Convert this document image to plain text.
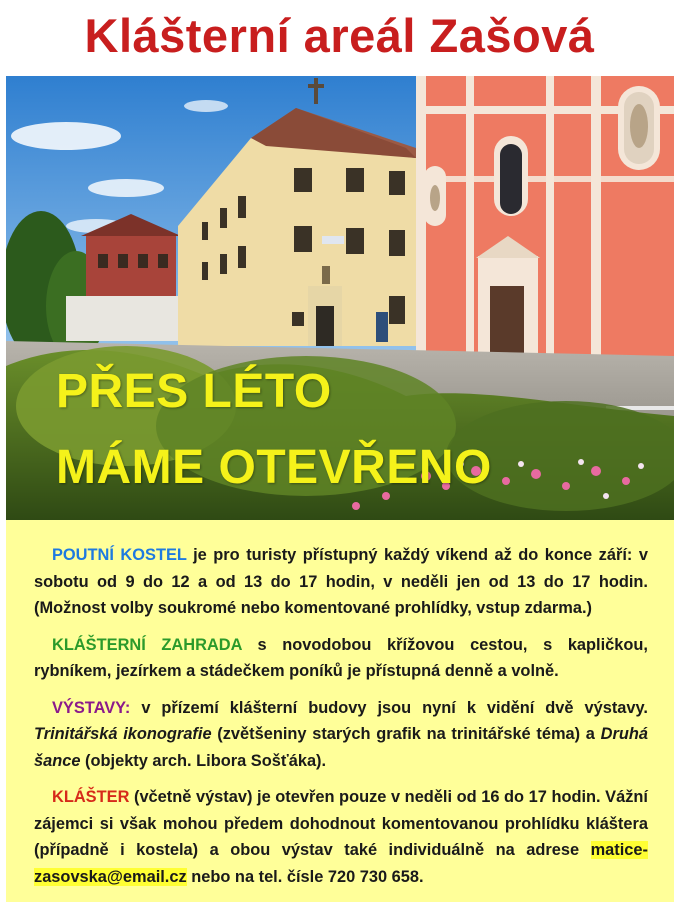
Klášterní areál Zašová
PŘES LÉTO
MÁME OTEVŘENO

POUTNÍ KOSTEL je pro turisty přístupný každý víkend až do konce září: v sobotu od 9 do 12 a od 13 do 17 hodin, v neděli jen od 13 do 17 hodin. (Možnost volby soukromé nebo komentované prohlídky, vstup zdarma.)

KLÁŠTERNÍ ZAHRADA s novodobou křížovou cestou, s kapličkou, rybníkem, jezírkem a stádečkem poníků je přístupná denně a volně.

VÝSTAVY: v přízemí klášterní budovy jsou nyní k vidění dvě výstavy. Trinitářská ikonografie (zvětšeniny starých grafik na trinitářské téma) a Druhá šance (objekty arch. Libora Sošťáka).

KLÁŠTER (včetně výstav) je otevřen pouze v neděli od 16 do 17 hodin. Vážní zájemci si však mohou předem dohodnout komentovanou prohlídku kláštera (případně i kostela) a obou výstav také individuálně na adrese matice-zasovska@email.cz nebo na tel. čísle 720 730 658.
